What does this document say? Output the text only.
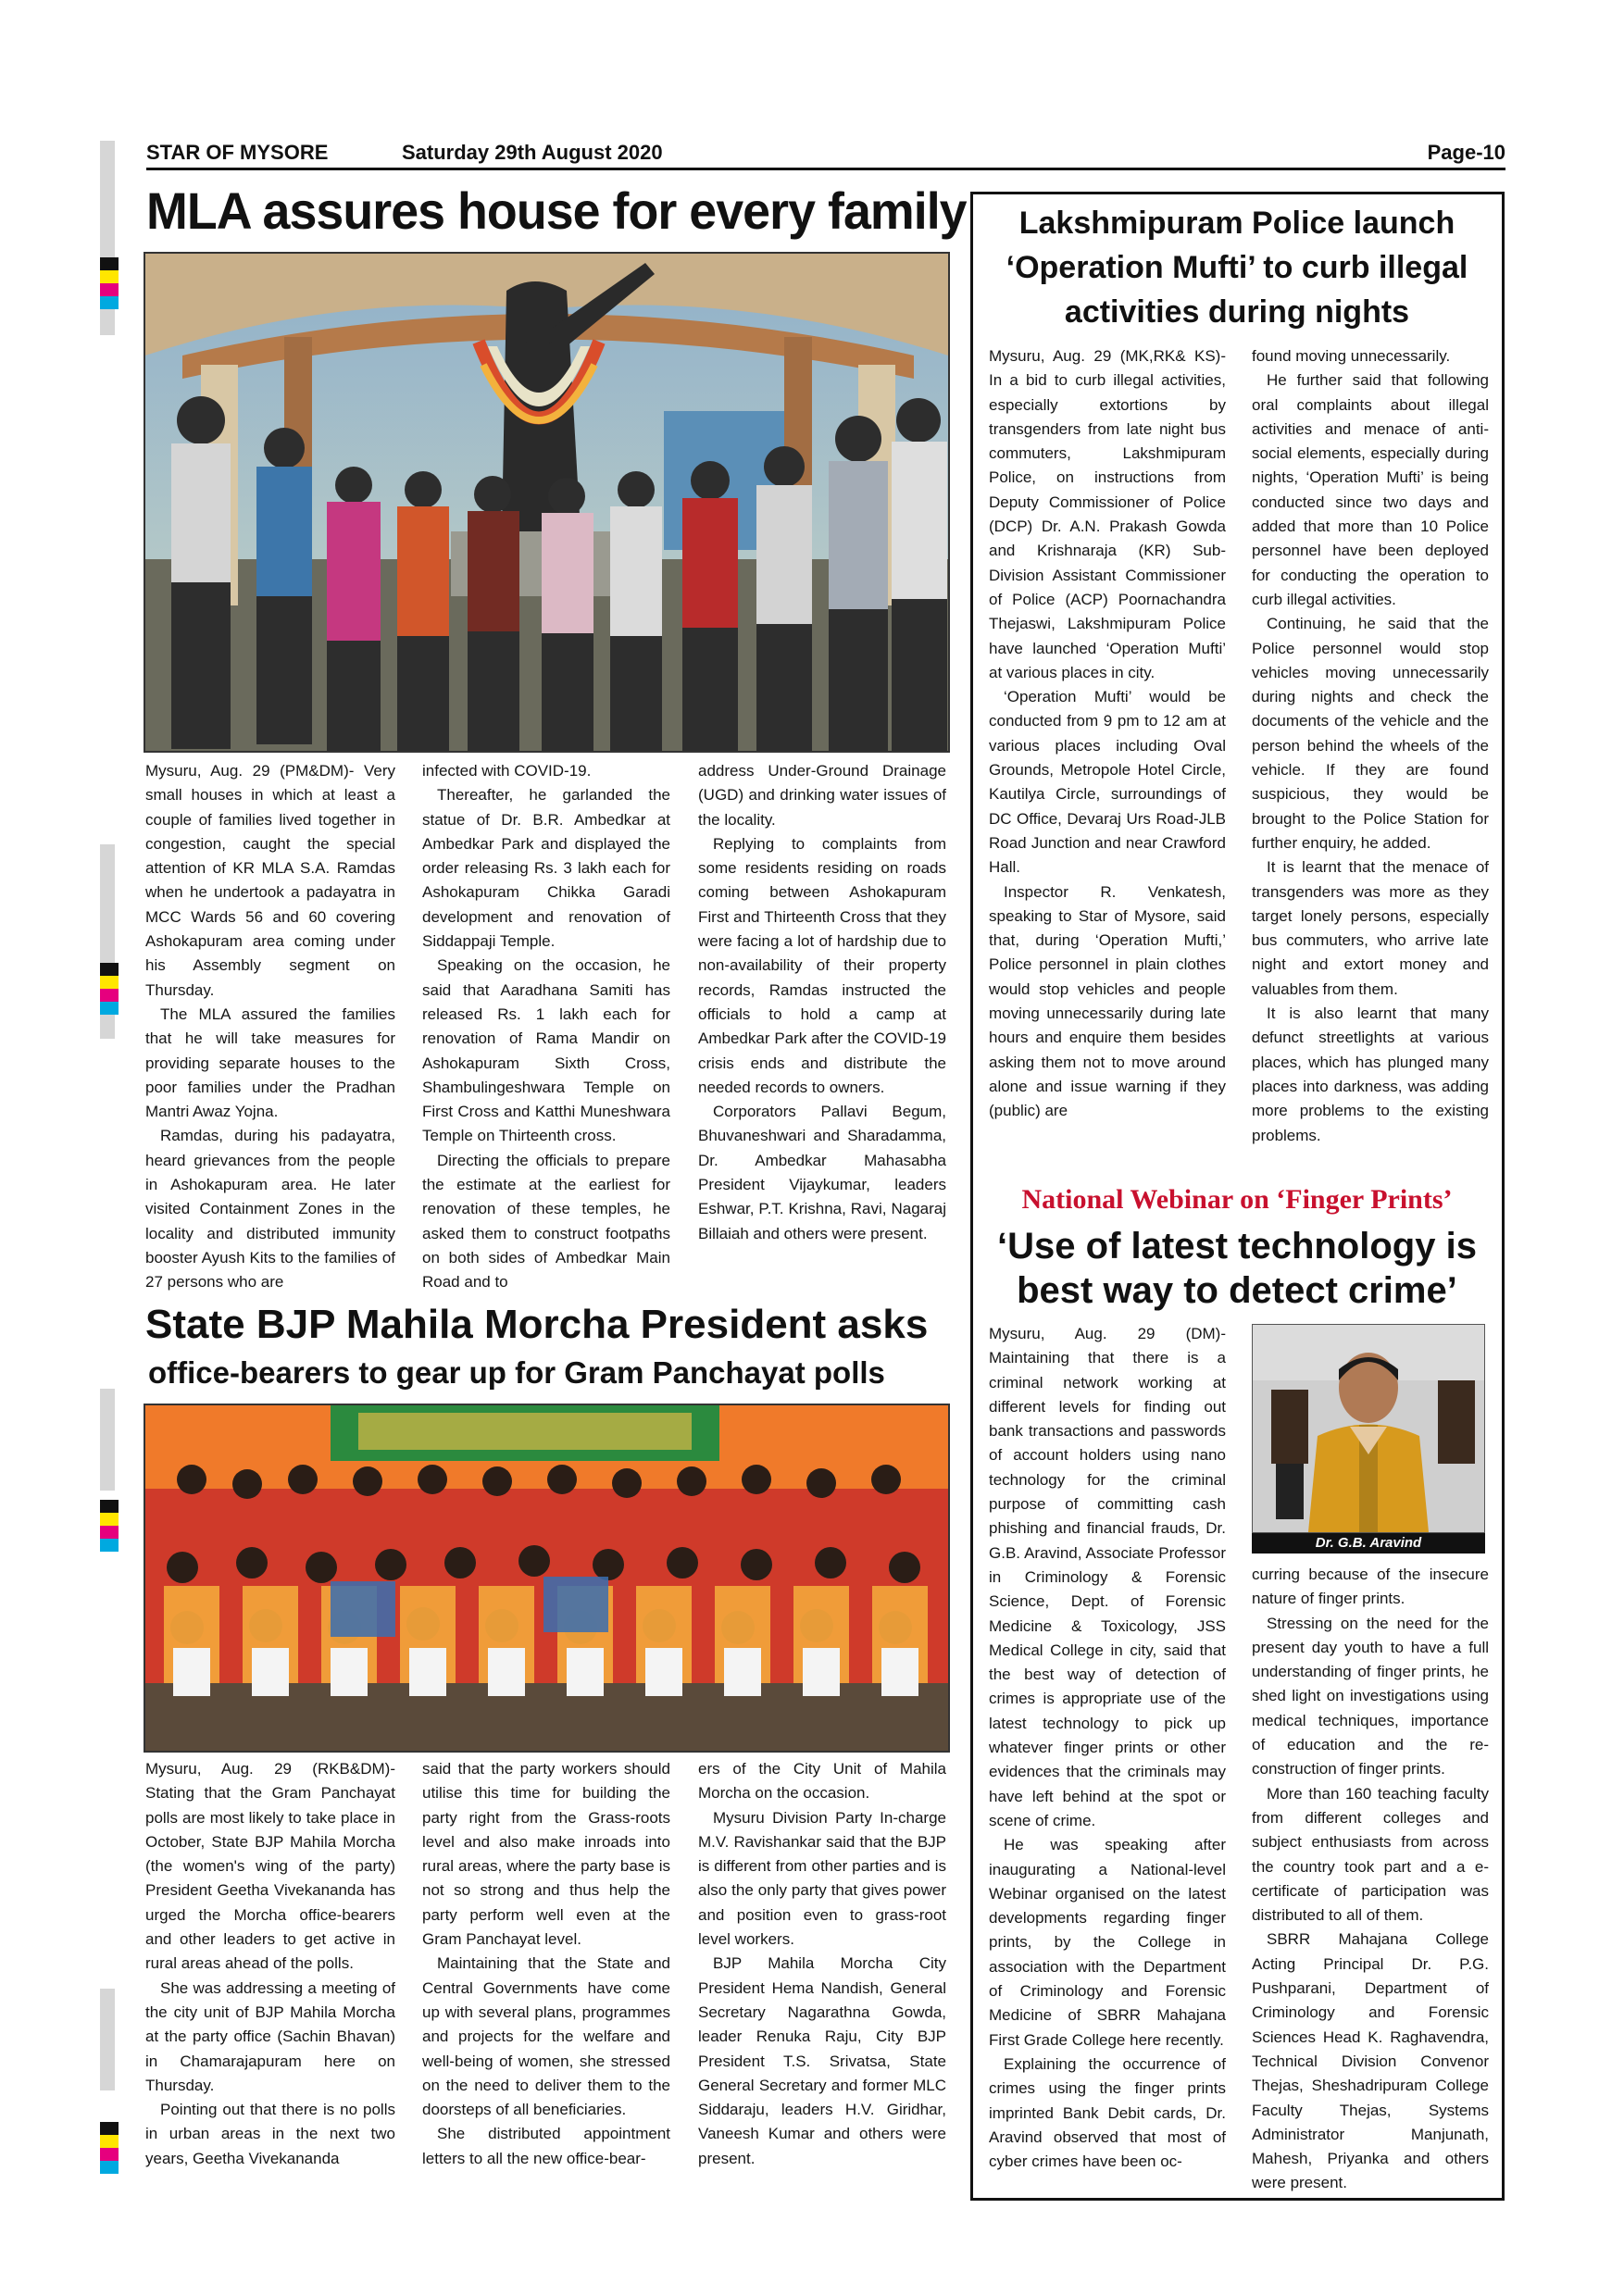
STAR OF MYSORE	Saturday 29th August 2020	Page-10
MLA assures house for every family

Mysuru, Aug. 29 (PM&DM)- Very small houses in which at least a couple of families lived together in congestion, caught the special attention of KR MLA S.A. Ramdas when he undertook a padayatra in MCC Wards 56 and 60 covering Ashokapuram area coming under his Assembly segment on Thursday.

The MLA assured the families that he will take measures for providing separate houses to the poor families under the Pradhan Mantri Awaz Yojna.

Ramdas, during his padayatra, heard grievances from the people in Ashokapuram area. He later visited Containment Zones in the locality and distributed immunity booster Ayush Kits to the families of 27 persons who are

infected with COVID-19.

Thereafter, he garlanded the statue of Dr. B.R. Ambedkar at Ambedkar Park and displayed the order releasing Rs. 3 lakh each for Ashokapuram Chikka Garadi development and renovation of Siddappaji Temple.

Speaking on the occasion, he said that Aaradhana Samiti has released Rs. 1 lakh each for renovation of Rama Mandir on Ashokapuram Sixth Cross, Shambulingeshwara Temple on First Cross and Katthi Muneshwara Temple on Thirteenth cross.

Directing the officials to prepare the estimate at the earliest for renovation of these temples, he asked them to construct footpaths on both sides of Ambedkar Main Road and to

address Under-Ground Drainage (UGD) and drinking water issues of the locality.

Replying to complaints from some residents residing on roads coming between Ashokapuram First and Thirteenth Cross that they were facing a lot of hardship due to non-availability of their property records, Ramdas instructed the officials to hold a camp at Ambedkar Park after the COVID-19 crisis ends and distribute the needed records to owners.

Corporators Pallavi Begum, Bhuvaneshwari and Sharadamma, Dr. Ambedkar Mahasabha President Vijaykumar, leaders Eshwar, P.T. Krishna, Ravi, Nagaraj Billaiah and others were present.

State BJP Mahila Morcha President asks
office-bearers to gear up for Gram Panchayat polls

Mysuru, Aug. 29 (RKB&DM)- Stating that the Gram Panchayat polls are most likely to take place in October, State BJP Mahila Morcha (the women's wing of the party) President Geetha Vivekananda has urged the Morcha office-bearers and other leaders to get active in rural areas ahead of the polls.

She was addressing a meeting of the city unit of BJP Mahila Morcha at the party office (Sachin Bhavan) in Chamarajapuram here on Thursday.

Pointing out that there is no polls in urban areas in the next two years, Geetha Vivekananda

said that the party workers should utilise this time for building the party right from the Grass-roots level and also make inroads into rural areas, where the party base is not so strong and thus help the party perform well even at the Gram Panchayat level.

Maintaining that the State and Central Governments have come up with several plans, programmes and projects for the welfare and well-being of women, she stressed on the need to deliver them to the doorsteps of all beneficiaries.

She distributed appointment letters to all the new office-bear-

ers of the City Unit of Mahila Morcha on the occasion.

Mysuru Division Party In-charge M.V. Ravishankar said that the BJP is different from other parties and is also the only party that gives power and position even to grass-root level workers.

BJP Mahila Morcha City President Hema Nandish, General Secretary Nagarathna Gowda, leader Renuka Raju, City BJP President T.S. Srivatsa, State General Secretary and former MLC Siddaraju, leaders H.V. Giridhar, Vaneesh Kumar and others were present.

Lakshmipuram Police launch
‘Operation Mufti’ to curb illegal
activities during nights

Mysuru, Aug. 29 (MK,RK& KS)- In a bid to curb illegal activities, especially extortions by transgenders from late night bus commuters, Lakshmipuram Police, on instructions from Deputy Commissioner of Police (DCP) Dr. A.N. Prakash Gowda and Krishnaraja (KR) Sub-Division Assistant Commissioner of Police (ACP) Poornachandra Thejaswi, Lakshmipuram Police have launched ‘Operation Mufti’ at various places in city.

‘Operation Mufti’ would be conducted from 9 pm to 12 am at various places including Oval Grounds, Metropole Hotel Circle, Kautilya Circle, surroundings of DC Office, Devaraj Urs Road-JLB Road Junction and near Crawford Hall.

Inspector R. Venkatesh, speaking to Star of Mysore, said that, during ‘Operation Mufti,’ Police personnel in plain clothes would stop vehicles and people moving unnecessarily during late hours and enquire them besides asking them not to move around alone and issue warning if they (public) are

found moving unnecessarily.

He further said that following oral complaints about illegal activities and menace of anti-social elements, especially during nights, ‘Operation Mufti’ is being conducted since two days and added that more than 10 Police personnel have been deployed for conducting the operation to curb illegal activities.

Continuing, he said that the Police personnel would stop vehicles moving unnecessarily during nights and check the documents of the vehicle and the person behind the wheels of the vehicle. If they are found suspicious, they would be brought to the Police Station for further enquiry, he added.

It is learnt that the menace of transgenders was more as they target lonely persons, especially bus commuters, who arrive late night and extort money and valuables from them.

It is also learnt that many defunct streetlights at various places, which has plunged many places into darkness, was adding more problems to the existing problems.

National Webinar on ‘Finger Prints’
‘Use of latest technology is
best way to detect crime’
Dr. G.B. Aravind

Mysuru, Aug. 29 (DM)- Maintaining that there is a criminal network working at different levels for finding out bank transactions and passwords of account holders using nano technology for the criminal purpose of committing cash phishing and financial frauds, Dr. G.B. Aravind, Associate Professor in Criminology & Forensic Science, Dept. of Forensic Medicine & Toxicology, JSS Medical College in city, said that the best way of detection of crimes is appropriate use of the latest technology to pick up whatever finger prints or other evidences that the criminals may have left behind at the spot or scene of crime.

He was speaking after inaugurating a National-level Webinar organised on the latest developments regarding finger prints, by the College in association with the Department of Criminology and Forensic Medicine of SBRR Mahajana First Grade College here recently.

Explaining the occurrence of crimes using the finger prints imprinted Bank Debit cards, Dr. Aravind observed that most of cyber crimes have been oc-

curring because of the insecure nature of finger prints.

Stressing on the need for the present day youth to have a full understanding of finger prints, he shed light on investigations using medical techniques, importance of education and the re-construction of finger prints.

More than 160 teaching faculty from different colleges and subject enthusiasts from across the country took part and a e-certificate of participation was distributed to all of them.

SBRR Mahajana College Acting Principal Dr. P.G. Pushparani, Department of Criminology and Forensic Sciences Head K. Raghavendra, Technical Division Convenor Thejas, Sheshadripuram College Faculty Thejas, Systems Administrator Manjunath, Mahesh, Priyanka and others were present.
